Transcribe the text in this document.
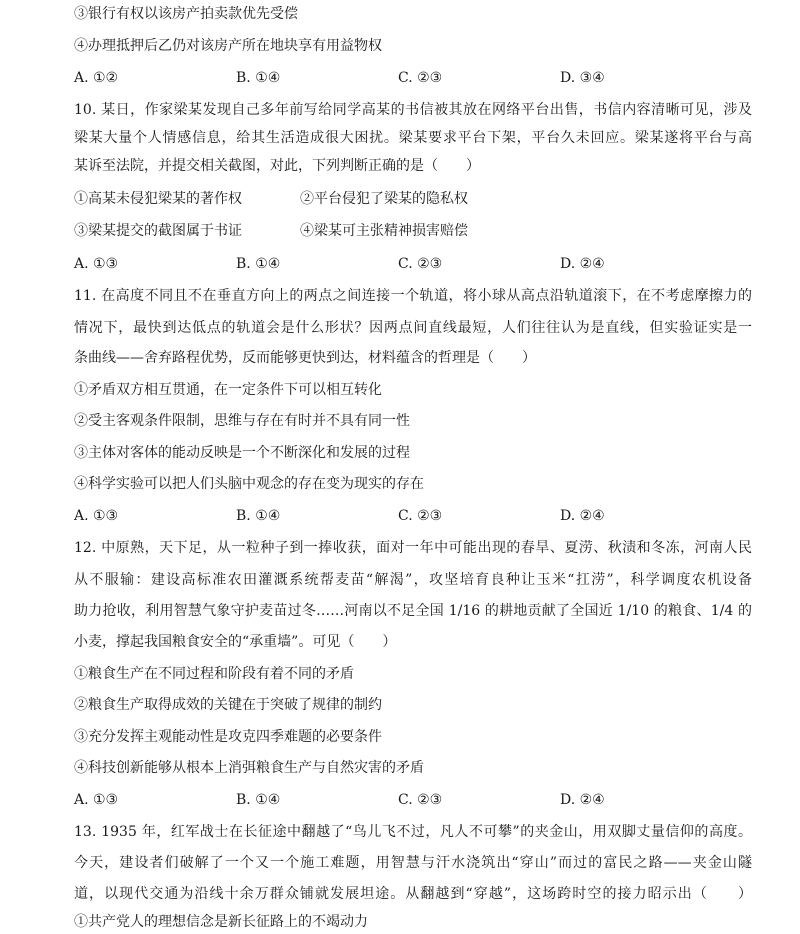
③银行有权以该房产拍卖款优先受偿
④办理抵押后乙仍对该房产所在地块享有用益物权
A. ①②	B. ①④	C. ②③	D. ③④
10. 某日，作家梁某发现自己多年前写给同学高某的书信被其放在网络平台出售，书信内容清晰可见，涉及
梁某大量个人情感信息，给其生活造成很大困扰。梁某要求平台下架，平台久未回应。梁某遂将平台与高
某诉至法院，并提交相关截图，对此，下列判断正确的是（　　）
①高某未侵犯梁某的著作权	②平台侵犯了梁某的隐私权
③梁某提交的截图属于书证	④梁某可主张精神损害赔偿
A. ①③	B. ①④	C. ②③	D. ②④
11. 在高度不同且不在垂直方向上的两点之间连接一个轨道，将小球从高点沿轨道滚下，在不考虑摩擦力的
情况下，最快到达低点的轨道会是什么形状？因两点间直线最短，人们往往认为是直线，但实验证实是一
条曲线——舍弃路程优势，反而能够更快到达，材料蕴含的哲理是（　　）
①矛盾双方相互贯通，在一定条件下可以相互转化
②受主客观条件限制，思维与存在有时并不具有同一性
③主体对客体的能动反映是一个不断深化和发展的过程
④科学实验可以把人们头脑中观念的存在变为现实的存在
A. ①③	B. ①④	C. ②③	D. ②④
12. 中原熟，天下足，从一粒种子到一捧收获，面对一年中可能出现的春旱、夏涝、秋渍和冬冻，河南人民
从不服输：建设高标准农田灌溉系统帮麦苗“解渴”，攻坚培育良种让玉米“扛涝”，科学调度农机设备
助力抢收，利用智慧气象守护麦苗过冬……河南以不足全国 1/16 的耕地贡献了全国近 1/10 的粮食、1/4 的
小麦，撑起我国粮食安全的“承重墙”。可见（　　）
①粮食生产在不同过程和阶段有着不同的矛盾
②粮食生产取得成效的关键在于突破了规律的制约
③充分发挥主观能动性是攻克四季难题的必要条件
④科技创新能够从根本上消弭粮食生产与自然灾害的矛盾
A. ①③	B. ①④	C. ②③	D. ②④
13. 1935 年，红军战士在长征途中翻越了“鸟儿飞不过，凡人不可攀”的夹金山，用双脚丈量信仰的高度。
今天，建设者们破解了一个又一个施工难题，用智慧与汗水浇筑出“穿山”而过的富民之路——夹金山隧
道，以现代交通为沿线十余万群众铺就发展坦途。从翻越到“穿越”，这场跨时空的接力昭示出（　　）
①共产党人的理想信念是新长征路上的不竭动力
